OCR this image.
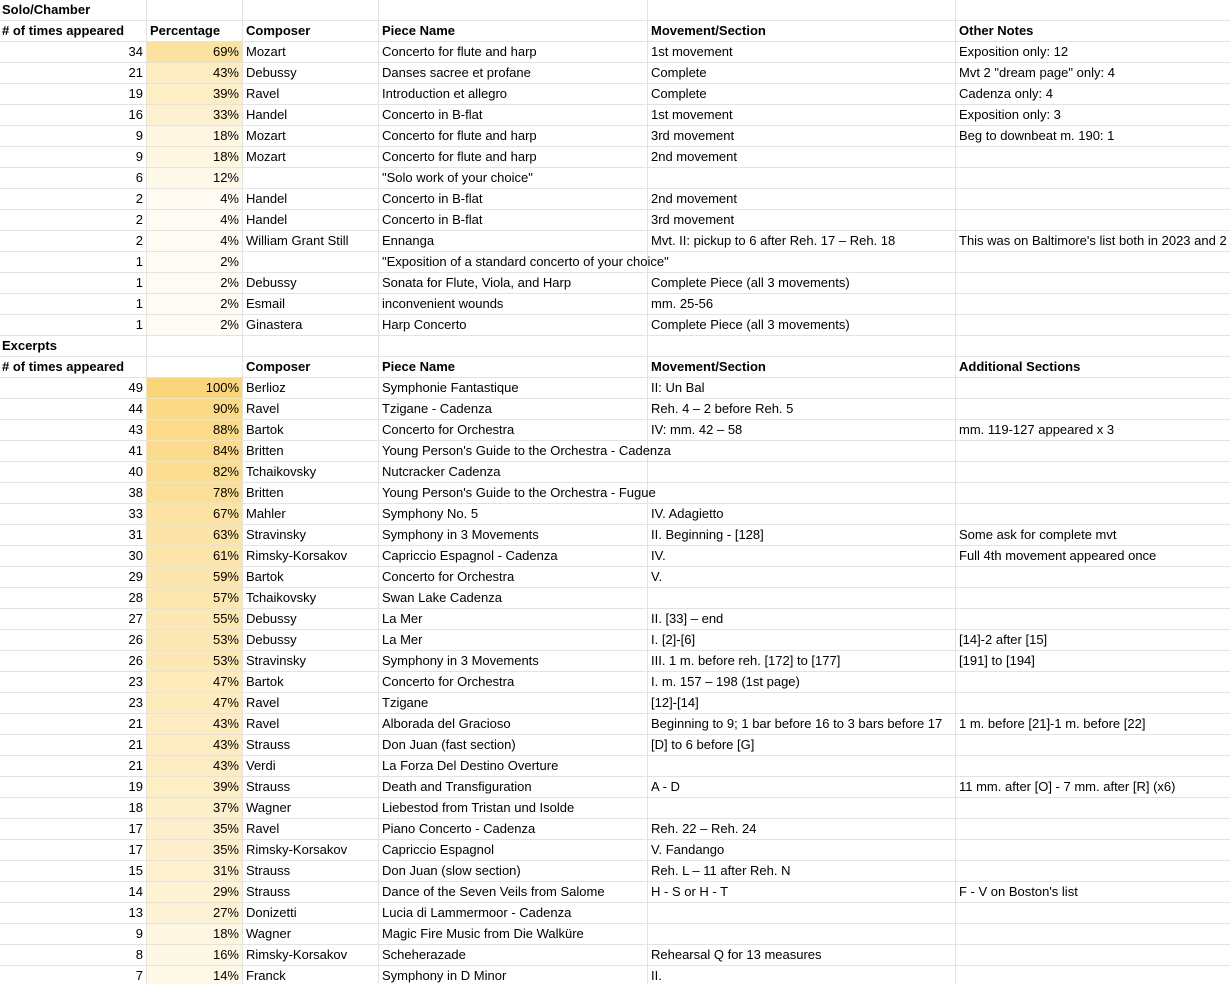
Solo/Chamber
# of times appeared	Percentage	Composer	Piece Name	Movement/Section	Other Notes
34	69% Mozart	Concerto for flute and harp	1st movement	Exposition only: 12
21	43% Debussy	Danses sacree et profane	Complete	Mvt 2 "dream page" only: 4
19	39% Ravel	Introduction et allegro	Complete	Cadenza only: 4
16	33% Handel	Concerto in B-flat	1st movement	Exposition only: 3
9	18% Mozart	Concerto for flute and harp	3rd movement	Beg to downbeat m. 190: 1
9	18% Mozart	Concerto for flute and harp	2nd movement
6	12%	"Solo work of your choice"
2	4% Handel	Concerto in B-flat	2nd movement
2	4% Handel	Concerto in B-flat	3rd movement
2	4% William Grant Still	Ennanga	Mvt. II: pickup to 6 after Reh. 17 – Reh. 18	This was on Baltimore's list both in 2023 and 2
1	2%	"Exposition of a standard concerto of your choice"
1	2% Debussy	Sonata for Flute, Viola, and Harp	Complete Piece (all 3 movements)
1	2% Esmail	inconvenient wounds	mm. 25-56
1	2% Ginastera	Harp Concerto	Complete Piece (all 3 movements)
Excerpts
# of times appeared	Composer	Piece Name	Movement/Section	Additional Sections
49	100% Berlioz	Symphonie Fantastique	II: Un Bal
44	90% Ravel	Tzigane - Cadenza	Reh. 4 – 2 before Reh. 5
43	88% Bartok	Concerto for Orchestra	IV: mm. 42 – 58	mm. 119-127 appeared x 3
41	84% Britten	Young Person's Guide to the Orchestra - Cadenza
40	82% Tchaikovsky	Nutcracker Cadenza
38	78% Britten	Young Person's Guide to the Orchestra - Fugue
33	67% Mahler	Symphony No. 5	IV. Adagietto
31	63% Stravinsky	Symphony in 3 Movements	II. Beginning - [128]	Some ask for complete mvt
30	61% Rimsky-Korsakov	Capriccio Espagnol - Cadenza	IV.	Full 4th movement appeared once
29	59% Bartok	Concerto for Orchestra	V.
28	57% Tchaikovsky	Swan Lake Cadenza
27	55% Debussy	La Mer	II. [33] – end
26	53% Debussy	La Mer	I. [2]-[6]	[14]-2 after [15]
26	53% Stravinsky	Symphony in 3 Movements	III. 1 m. before reh. [172] to [177]	[191] to [194]
23	47% Bartok	Concerto for Orchestra	I. m. 157 – 198 (1st page)
23	47% Ravel	Tzigane	[12]-[14]
21	43% Ravel	Alborada del Gracioso	Beginning to 9; 1 bar before 16 to 3 bars before 17	1 m. before [21]-1 m. before [22]
21	43% Strauss	Don Juan (fast section)	[D] to 6 before [G]
21	43% Verdi	La Forza Del Destino Overture
19	39% Strauss	Death and Transfiguration	A - D	11 mm. after [O] - 7 mm. after [R] (x6)
18	37% Wagner	Liebestod from Tristan und Isolde
17	35% Ravel	Piano Concerto - Cadenza	Reh. 22 – Reh. 24
17	35% Rimsky-Korsakov	Capriccio Espagnol	V. Fandango
15	31% Strauss	Don Juan (slow section)	Reh. L – 11 after Reh. N
14	29% Strauss	Dance of the Seven Veils from Salome	H - S or H - T	F - V on Boston's list
13	27% Donizetti	Lucia di Lammermoor - Cadenza
9	18% Wagner	Magic Fire Music from Die Walküre
8	16% Rimsky-Korsakov	Scheherazade	Rehearsal Q for 13 measures
7	14% Franck	Symphony in D Minor	II.
